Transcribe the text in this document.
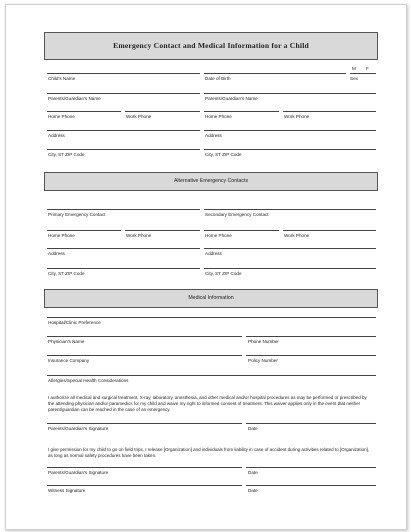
Emergency Contact and Medical Information for a Child
M F
Child's Name	Date of Birth	Sex
Parents/Guardian's Name	Parents/Guardian's Name
Home Phone	Work Phone	Home Phone	Work Phone
Address	Address
City, ST ZIP Code	City, ST ZIP Code
Alternative Emergency Contacts
Primary Emergency Contact	Secondary Emergency Contact
Home Phone	Work Phone	Home Phone	Work Phone
Address	Address
City, ST ZIP Code	City, ST ZIP Code
Medical Information
Hospital/Clinic Preference
Physician's Name	Phone Number
Insurance Company	Policy Number
Allergies/Special Health Considerations
I authorize all medical and surgical treatment, X-ray, laboratory, anesthesia, and other medical and/or hospital procedures as may be performed or prescribed by the attending physician and/or paramedics for my child and waive my right to informed consent of treatment. This waiver applies only in the event that neither parent/guardian can be reached in the case of an emergency.
Parents/Guardian's Signature	Date
I give permission for my child to go on field trips. I release [Organization] and individuals from liability in case of accident during activities related to [Organization], as long as normal safety procedures have been taken.
Parents/Guardian's Signature	Date
Witness Signature	Date
